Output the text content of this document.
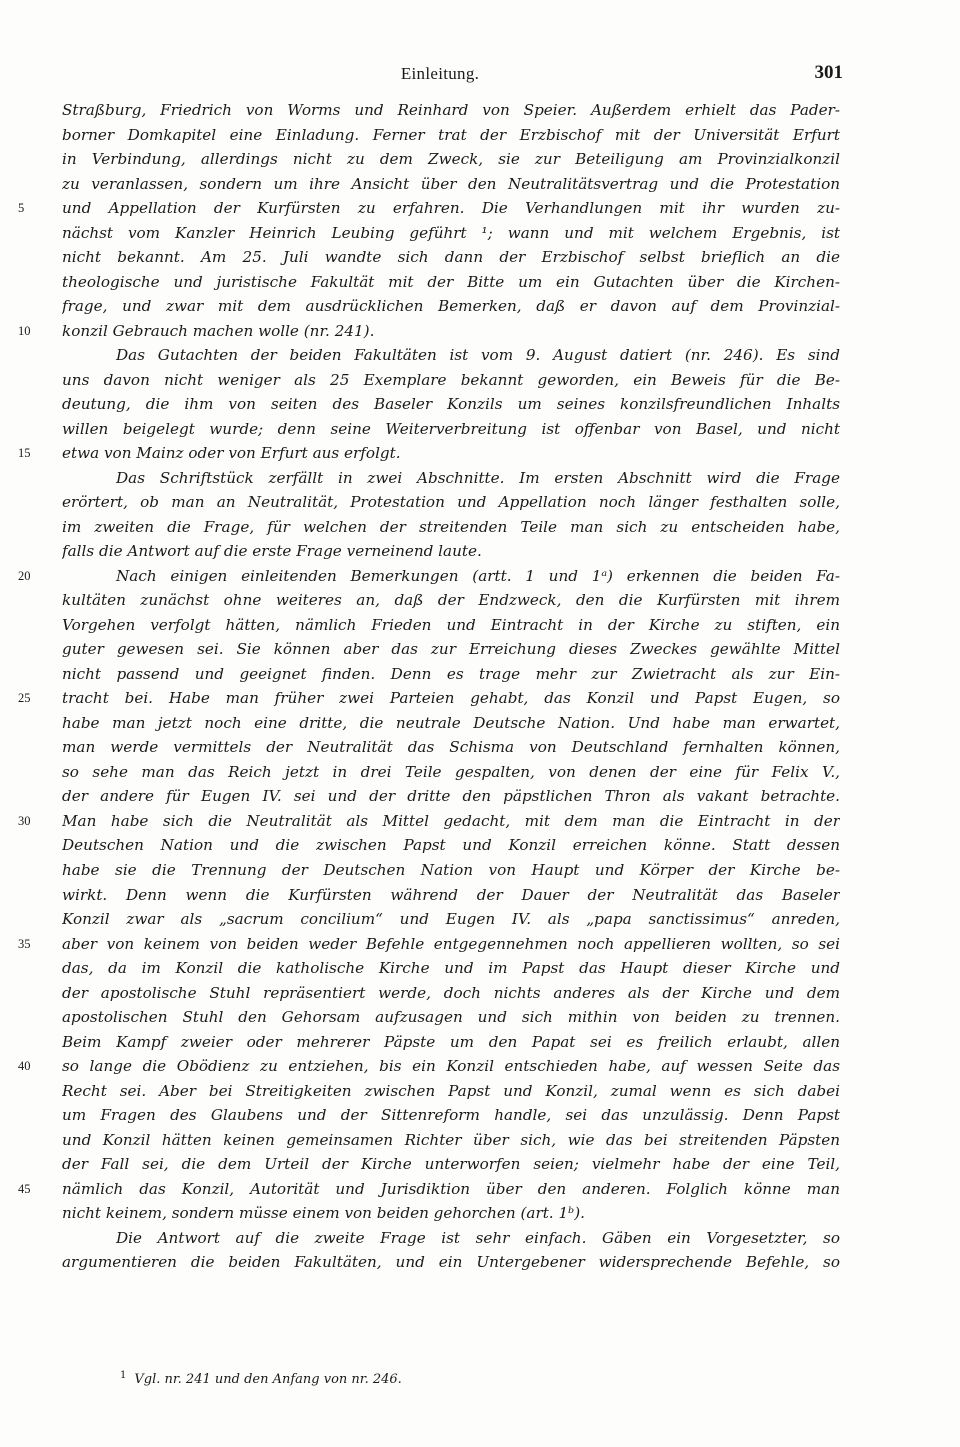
Einleitung.	301
Straßburg, Friedrich von Worms und Reinhard von Speier. Außerdem erhielt das Pader-
borner Domkapitel eine Einladung. Ferner trat der Erzbischof mit der Universität Erfurt
in Verbindung, allerdings nicht zu dem Zweck, sie zur Beteiligung am Provinzialkonzil
zu veranlassen, sondern um ihre Ansicht über den Neutralitätsvertrag und die Protestation
5	und Appellation der Kurfürsten zu erfahren. Die Verhandlungen mit ihr wurden zu-
nächst vom Kanzler Heinrich Leubing geführt ¹; wann und mit welchem Ergebnis, ist
nicht bekannt. Am 25. Juli wandte sich dann der Erzbischof selbst brieflich an die
theologische und juristische Fakultät mit der Bitte um ein Gutachten über die Kirchen-
frage, und zwar mit dem ausdrücklichen Bemerken, daß er davon auf dem Provinzial-
10	konzil Gebrauch machen wolle (nr. 241).
Das Gutachten der beiden Fakultäten ist vom 9. August datiert (nr. 246). Es sind
uns davon nicht weniger als 25 Exemplare bekannt geworden, ein Beweis für die Be-
deutung, die ihm von seiten des Baseler Konzils um seines konzilsfreundlichen Inhalts
willen beigelegt wurde; denn seine Weiterverbreitung ist offenbar von Basel, und nicht
15	etwa von Mainz oder von Erfurt aus erfolgt.
Das Schriftstück zerfällt in zwei Abschnitte. Im ersten Abschnitt wird die Frage
erörtert, ob man an Neutralität, Protestation und Appellation noch länger festhalten solle,
im zweiten die Frage, für welchen der streitenden Teile man sich zu entscheiden habe,
falls die Antwort auf die erste Frage verneinend laute.
20	Nach einigen einleitenden Bemerkungen (artt. 1 und 1ᵃ) erkennen die beiden Fa-
kultäten zunächst ohne weiteres an, daß der Endzweck, den die Kurfürsten mit ihrem
Vorgehen verfolgt hätten, nämlich Frieden und Eintracht in der Kirche zu stiften, ein
guter gewesen sei. Sie können aber das zur Erreichung dieses Zweckes gewählte Mittel
nicht passend und geeignet finden. Denn es trage mehr zur Zwietracht als zur Ein-
25	tracht bei. Habe man früher zwei Parteien gehabt, das Konzil und Papst Eugen, so
habe man jetzt noch eine dritte, die neutrale Deutsche Nation. Und habe man erwartet,
man werde vermittels der Neutralität das Schisma von Deutschland fernhalten können,
so sehe man das Reich jetzt in drei Teile gespalten, von denen der eine für Felix V.,
der andere für Eugen IV. sei und der dritte den päpstlichen Thron als vakant betrachte.
30	Man habe sich die Neutralität als Mittel gedacht, mit dem man die Eintracht in der
Deutschen Nation und die zwischen Papst und Konzil erreichen könne. Statt dessen
habe sie die Trennung der Deutschen Nation von Haupt und Körper der Kirche be-
wirkt. Denn wenn die Kurfürsten während der Dauer der Neutralität das Baseler
Konzil zwar als „sacrum concilium“ und Eugen IV. als „papa sanctissimus“ anreden,
35	aber von keinem von beiden weder Befehle entgegennehmen noch appellieren wollten, so sei
das, da im Konzil die katholische Kirche und im Papst das Haupt dieser Kirche und
der apostolische Stuhl repräsentiert werde, doch nichts anderes als der Kirche und dem
apostolischen Stuhl den Gehorsam aufzusagen und sich mithin von beiden zu trennen.
Beim Kampf zweier oder mehrerer Päpste um den Papat sei es freilich erlaubt, allen
40	so lange die Obödienz zu entziehen, bis ein Konzil entschieden habe, auf wessen Seite das
Recht sei. Aber bei Streitigkeiten zwischen Papst und Konzil, zumal wenn es sich dabei
um Fragen des Glaubens und der Sittenreform handle, sei das unzulässig. Denn Papst
und Konzil hätten keinen gemeinsamen Richter über sich, wie das bei streitenden Päpsten
der Fall sei, die dem Urteil der Kirche unterworfen seien; vielmehr habe der eine Teil,
45	nämlich das Konzil, Autorität und Jurisdiktion über den anderen. Folglich könne man
nicht keinem, sondern müsse einem von beiden gehorchen (art. 1ᵇ).
Die Antwort auf die zweite Frage ist sehr einfach. Gäben ein Vorgesetzter, so
argumentieren die beiden Fakultäten, und ein Untergebener widersprechende Befehle, so
$^1$ Vgl. nr. 241 und den Anfang von nr. 246.
